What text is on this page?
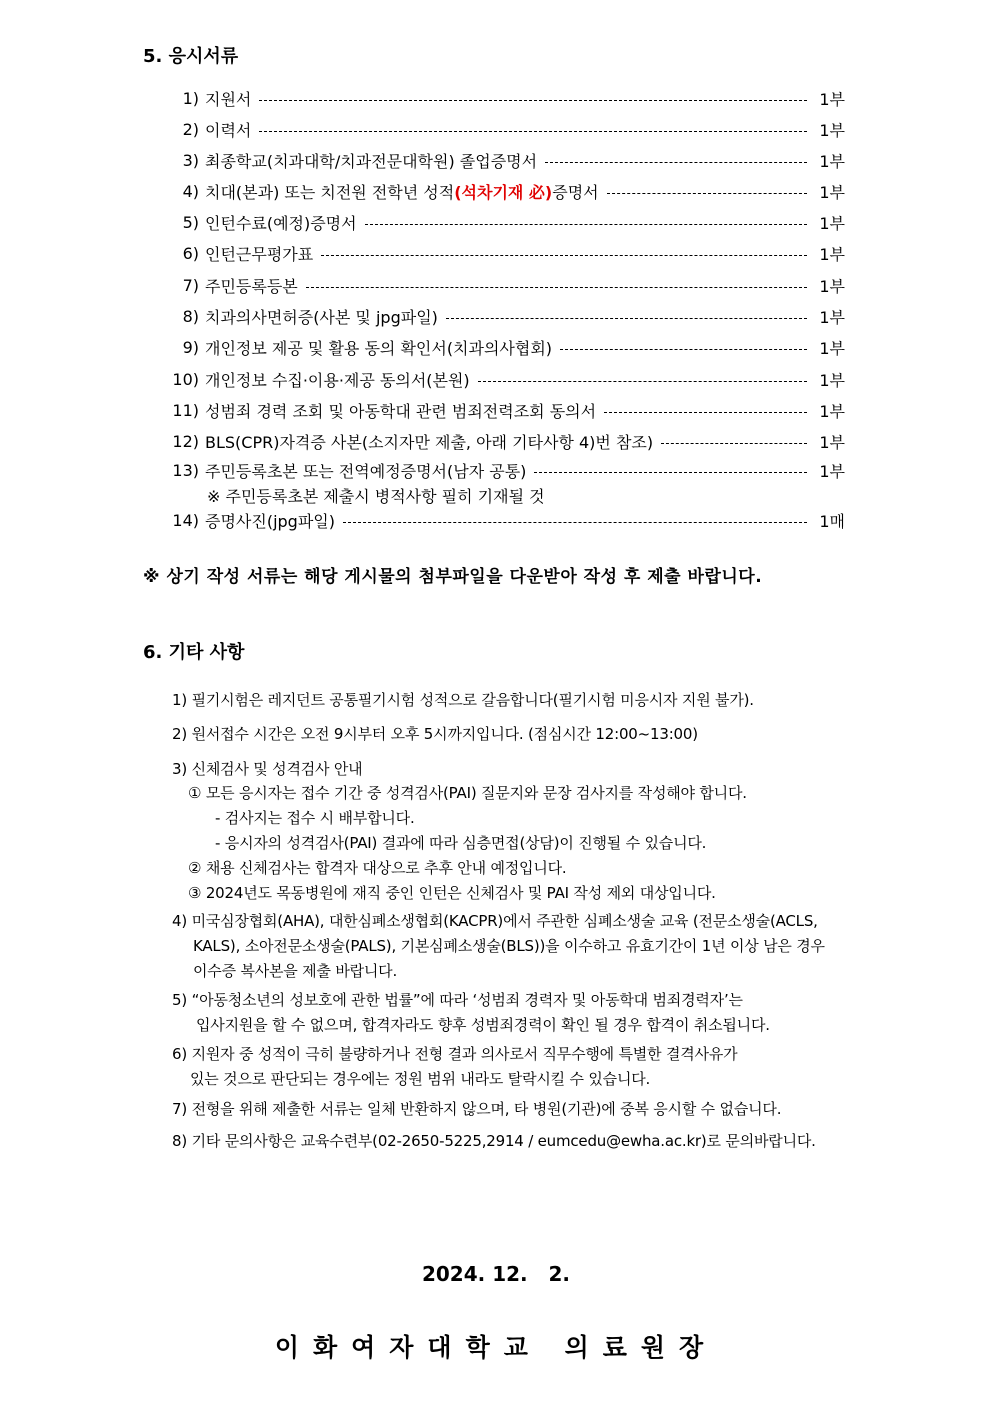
5. 응시서류
1) 지원서	1부
2) 이력서	1부
3) 최종학교(치과대학/치과전문대학원) 졸업증명서	1부
4) 치대(본과) 또는 치전원 전학년 성적(석차기재 必)증명서	1부
5) 인턴수료(예정)증명서	1부
6) 인턴근무평가표	1부
7) 주민등록등본	1부
8) 치과의사면허증(사본 및 jpg파일)	1부
9) 개인정보 제공 및 활용 동의 확인서(치과의사협회)	1부
10) 개인정보 수집·이용·제공 동의서(본원)	1부
11) 성범죄 경력 조회 및 아동학대 관련 범죄전력조회 동의서	1부
12) BLS(CPR)자격증 사본(소지자만 제출, 아래 기타사항 4)번 참조)	1부
13) 주민등록초본 또는 전역예정증명서(남자 공통)	1부
※ 주민등록초본 제출시 병적사항 필히 기재될 것
14) 증명사진(jpg파일)	1매
※ 상기 작성 서류는 해당 게시물의 첨부파일을 다운받아 작성 후 제출 바랍니다.
6. 기타 사항
1) 필기시험은 레지던트 공통필기시험 성적으로 갈음합니다(필기시험 미응시자 지원 불가).
2) 원서접수 시간은 오전 9시부터 오후 5시까지입니다. (점심시간 12:00~13:00)
3) 신체검사 및 성격검사 안내
① 모든 응시자는 접수 기간 중 성격검사(PAI) 질문지와 문장 검사지를 작성해야 합니다.
- 검사지는 접수 시 배부합니다.
- 응시자의 성격검사(PAI) 결과에 따라 심층면접(상담)이 진행될 수 있습니다.
② 채용 신체검사는 합격자 대상으로 추후 안내 예정입니다.
③ 2024년도 목동병원에 재직 중인 인턴은 신체검사 및 PAI 작성 제외 대상입니다.
4) 미국심장협회(AHA), 대한심폐소생협회(KACPR)에서 주관한 심폐소생술 교육 (전문소생술(ACLS,
KALS), 소아전문소생술(PALS), 기본심폐소생술(BLS))을 이수하고 유효기간이 1년 이상 남은 경우
이수증 복사본을 제출 바랍니다.
5) “아동청소년의 성보호에 관한 법률”에 따라 ‘성범죄 경력자 및 아동학대 범죄경력자’는
입사지원을 할 수 없으며, 합격자라도 향후 성범죄경력이 확인 될 경우 합격이 취소됩니다.
6) 지원자 중 성적이 극히 불량하거나 전형 결과 의사로서 직무수행에 특별한 결격사유가
있는 것으로 판단되는 경우에는 정원 범위 내라도 탈락시킬 수 있습니다.
7) 전형을 위해 제출한 서류는 일체 반환하지 않으며, 타 병원(기관)에 중복 응시할 수 없습니다.
8) 기타 문의사항은 교육수련부(02-2650-5225,2914 / eumcedu@ewha.ac.kr)로 문의바랍니다.
2024. 12.   2.
이화여자대학교 의료원장
